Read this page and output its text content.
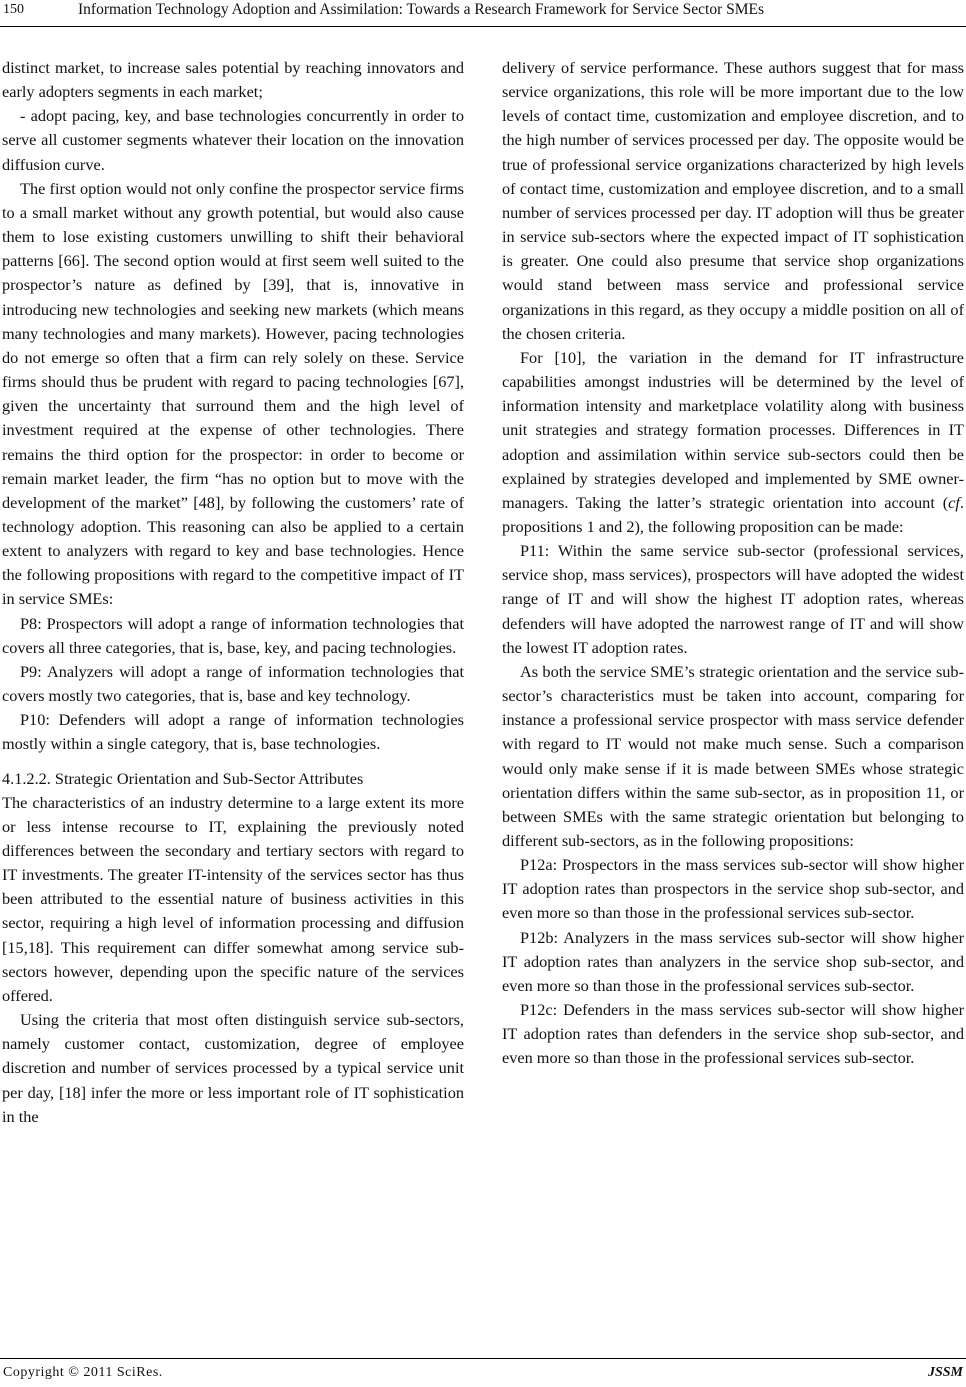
150	Information Technology Adoption and Assimilation: Towards a Research Framework for Service Sector SMEs

distinct market, to increase sales potential by reaching innovators and early adopters segments in each market;

- adopt pacing, key, and base technologies concurrently in order to serve all customer segments whatever their location on the innovation diffusion curve.

The first option would not only confine the prospector service firms to a small market without any growth potential, but would also cause them to lose existing customers unwilling to shift their behavioral patterns [66]. The second option would at first seem well suited to the prospector’s nature as defined by [39], that is, innovative in introducing new technologies and seeking new markets (which means many technologies and many markets). However, pacing technologies do not emerge so often that a firm can rely solely on these. Service firms should thus be prudent with regard to pacing technologies [67], given the uncertainty that surround them and the high level of investment required at the expense of other technologies. There remains the third option for the prospector: in order to become or remain market leader, the firm “has no option but to move with the development of the market” [48], by following the customers’ rate of technology adoption. This reasoning can also be applied to a certain extent to analyzers with regard to key and base technologies. Hence the following propositions with regard to the competitive impact of IT in service SMEs:

P8: Prospectors will adopt a range of information technologies that covers all three categories, that is, base, key, and pacing technologies.

P9: Analyzers will adopt a range of information technologies that covers mostly two categories, that is, base and key technology.

P10: Defenders will adopt a range of information technologies mostly within a single category, that is, base technologies.

4.1.2.2. Strategic Orientation and Sub-Sector Attributes

The characteristics of an industry determine to a large extent its more or less intense recourse to IT, explaining the previously noted differences between the secondary and tertiary sectors with regard to IT investments. The greater IT-intensity of the services sector has thus been attributed to the essential nature of business activities in this sector, requiring a high level of information processing and diffusion [15,18]. This requirement can differ somewhat among service sub-sectors however, depending upon the specific nature of the services offered.

Using the criteria that most often distinguish service sub-sectors, namely customer contact, customization, degree of employee discretion and number of services processed by a typical service unit per day, [18] infer the more or less important role of IT sophistication in the

delivery of service performance. These authors suggest that for mass service organizations, this role will be more important due to the low levels of contact time, customization and employee discretion, and to the high number of services processed per day. The opposite would be true of professional service organizations characterized by high levels of contact time, customization and employee discretion, and to a small number of services processed per day. IT adoption will thus be greater in service sub-sectors where the expected impact of IT sophistication is greater. One could also presume that service shop organizations would stand between mass service and professional service organizations in this regard, as they occupy a middle position on all of the chosen criteria.

For [10], the variation in the demand for IT infrastructure capabilities amongst industries will be determined by the level of information intensity and marketplace volatility along with business unit strategies and strategy formation processes. Differences in IT adoption and assimilation within service sub-sectors could then be explained by strategies developed and implemented by SME owner-managers. Taking the latter’s strategic orientation into account (cf. propositions 1 and 2), the following proposition can be made:

P11: Within the same service sub-sector (professional services, service shop, mass services), prospectors will have adopted the widest range of IT and will show the highest IT adoption rates, whereas defenders will have adopted the narrowest range of IT and will show the lowest IT adoption rates.

As both the service SME’s strategic orientation and the service sub-sector’s characteristics must be taken into account, comparing for instance a professional service prospector with mass service defender with regard to IT would not make much sense. Such a comparison would only make sense if it is made between SMEs whose strategic orientation differs within the same sub-sector, as in proposition 11, or between SMEs with the same strategic orientation but belonging to different sub-sectors, as in the following propositions:

P12a: Prospectors in the mass services sub-sector will show higher IT adoption rates than prospectors in the service shop sub-sector, and even more so than those in the professional services sub-sector.

P12b: Analyzers in the mass services sub-sector will show higher IT adoption rates than analyzers in the service shop sub-sector, and even more so than those in the professional services sub-sector.

P12c: Defenders in the mass services sub-sector will show higher IT adoption rates than defenders in the service shop sub-sector, and even more so than those in the professional services sub-sector.

Copyright © 2011 SciRes.	JSSM
